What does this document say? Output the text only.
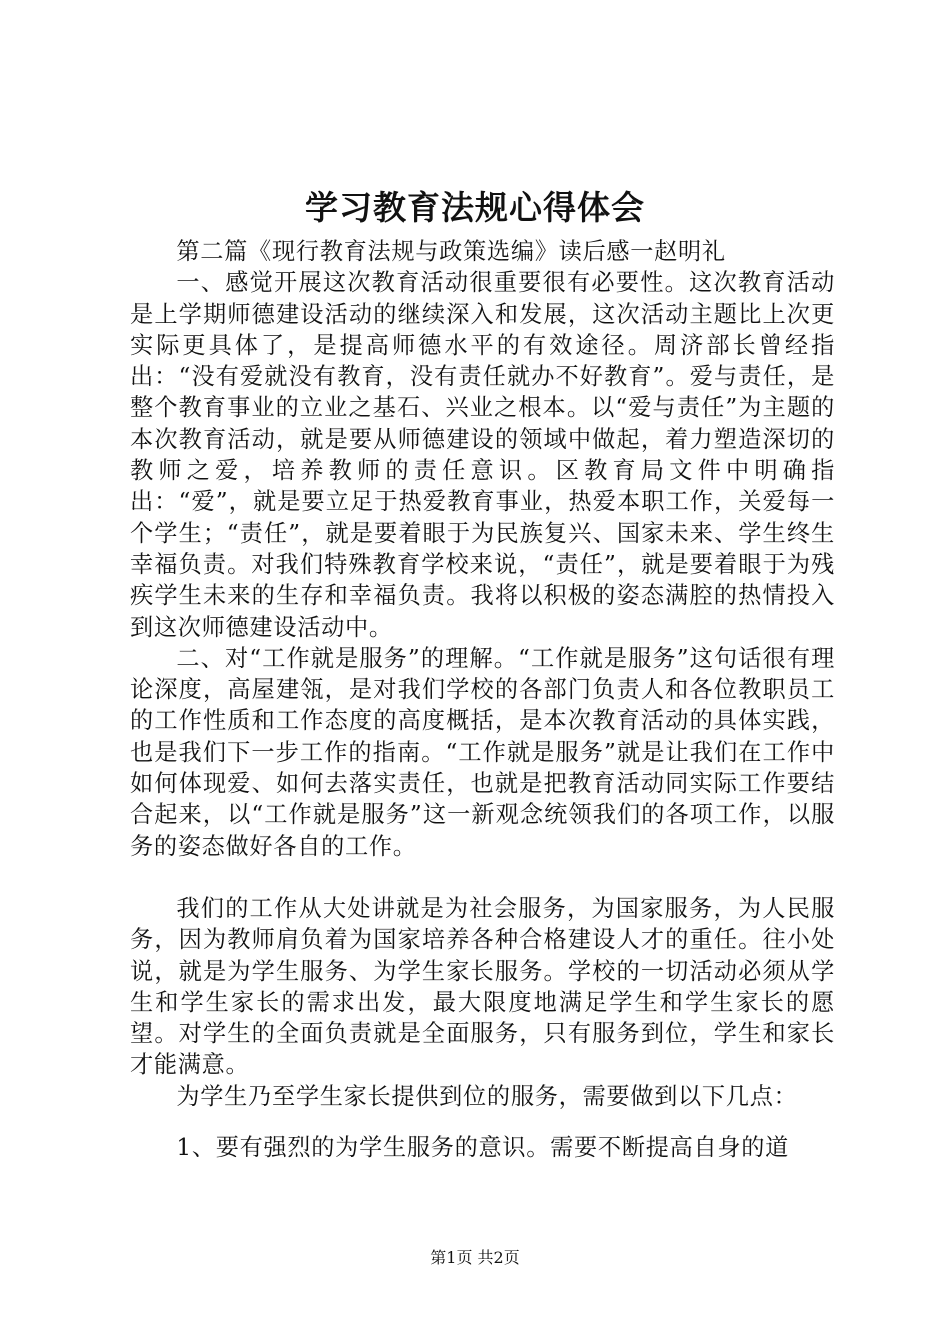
学习教育法规心得体会

第二篇《现行教育法规与政策选编》读后感一赵明礼

一、感觉开展这次教育活动很重要很有必要性。这次教育活动是上学期师德建设活动的继续深入和发展，这次活动主题比上次更实际更具体了，是提高师德水平的有效途径。周济部长曾经指出：“没有爱就没有教育，没有责任就办不好教育”。爱与责任，是整个教育事业的立业之基石、兴业之根本。以“爱与责任”为主题的本次教育活动，就是要从师德建设的领域中做起，着力塑造深切的教师之爱，培养教师的责任意识。区教育局文件中明确指出：“爱”，就是要立足于热爱教育事业，热爱本职工作，关爱每一个学生；“责任”，就是要着眼于为民族复兴、国家未来、学生终生幸福负责。对我们特殊教育学校来说，“责任”，就是要着眼于为残疾学生未来的生存和幸福负责。我将以积极的姿态满腔的热情投入到这次师德建设活动中。

二、对“工作就是服务”的理解。“工作就是服务”这句话很有理论深度，高屋建瓴，是对我们学校的各部门负责人和各位教职员工的工作性质和工作态度的高度概括，是本次教育活动的具体实践，也是我们下一步工作的指南。“工作就是服务”就是让我们在工作中如何体现爱、如何去落实责任，也就是把教育活动同实际工作要结合起来，以“工作就是服务”这一新观念统领我们的各项工作，以服务的姿态做好各自的工作。

我们的工作从大处讲就是为社会服务，为国家服务，为人民服务，因为教师肩负着为国家培养各种合格建设人才的重任。往小处说，就是为学生服务、为学生家长服务。学校的一切活动必须从学生和学生家长的需求出发，最大限度地满足学生和学生家长的愿望。对学生的全面负责就是全面服务，只有服务到位，学生和家长才能满意。

为学生乃至学生家长提供到位的服务，需要做到以下几点：

1、要有强烈的为学生服务的意识。需要不断提高自身的道

第1页 共2页
